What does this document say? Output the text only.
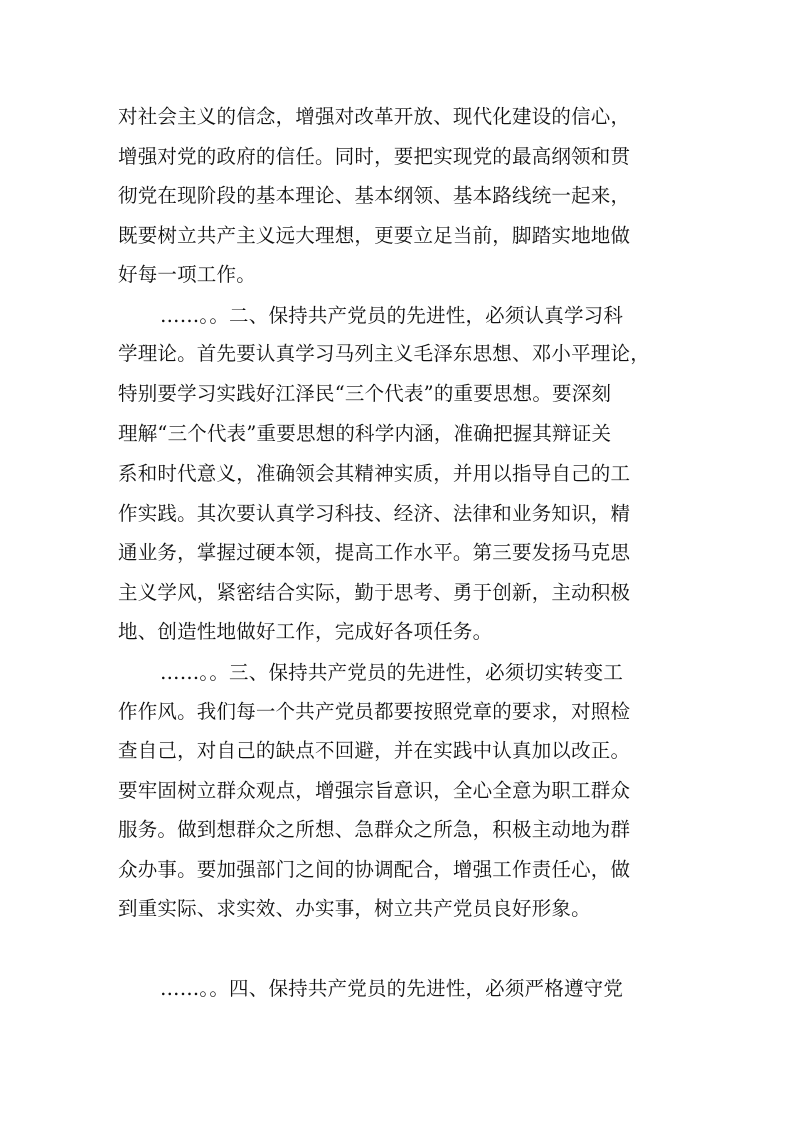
对社会主义的信念，增强对改革开放、现代化建设的信心，
增强对党的政府的信任。同时，要把实现党的最高纲领和贯
彻党在现阶段的基本理论、基本纲领、基本路线统一起来，
既要树立共产主义远大理想，更要立足当前，脚踏实地地做
好每一项工作。
……。。二、保持共产党员的先进性，必须认真学习科
学理论。首先要认真学习马列主义毛泽东思想、邓小平理论，
特别要学习实践好江泽民“三个代表”的重要思想。要深刻
理解“三个代表”重要思想的科学内涵，准确把握其辩证关
系和时代意义，准确领会其精神实质，并用以指导自己的工
作实践。其次要认真学习科技、经济、法律和业务知识，精
通业务，掌握过硬本领，提高工作水平。第三要发扬马克思
主义学风，紧密结合实际，勤于思考、勇于创新，主动积极
地、创造性地做好工作，完成好各项任务。
……。。三、保持共产党员的先进性，必须切实转变工
作作风。我们每一个共产党员都要按照党章的要求，对照检
查自己，对自己的缺点不回避，并在实践中认真加以改正。
要牢固树立群众观点，增强宗旨意识，全心全意为职工群众
服务。做到想群众之所想、急群众之所急，积极主动地为群
众办事。要加强部门之间的协调配合，增强工作责任心，做
到重实际、求实效、办实事，树立共产党员良好形象。
……。。四、保持共产党员的先进性，必须严格遵守党
